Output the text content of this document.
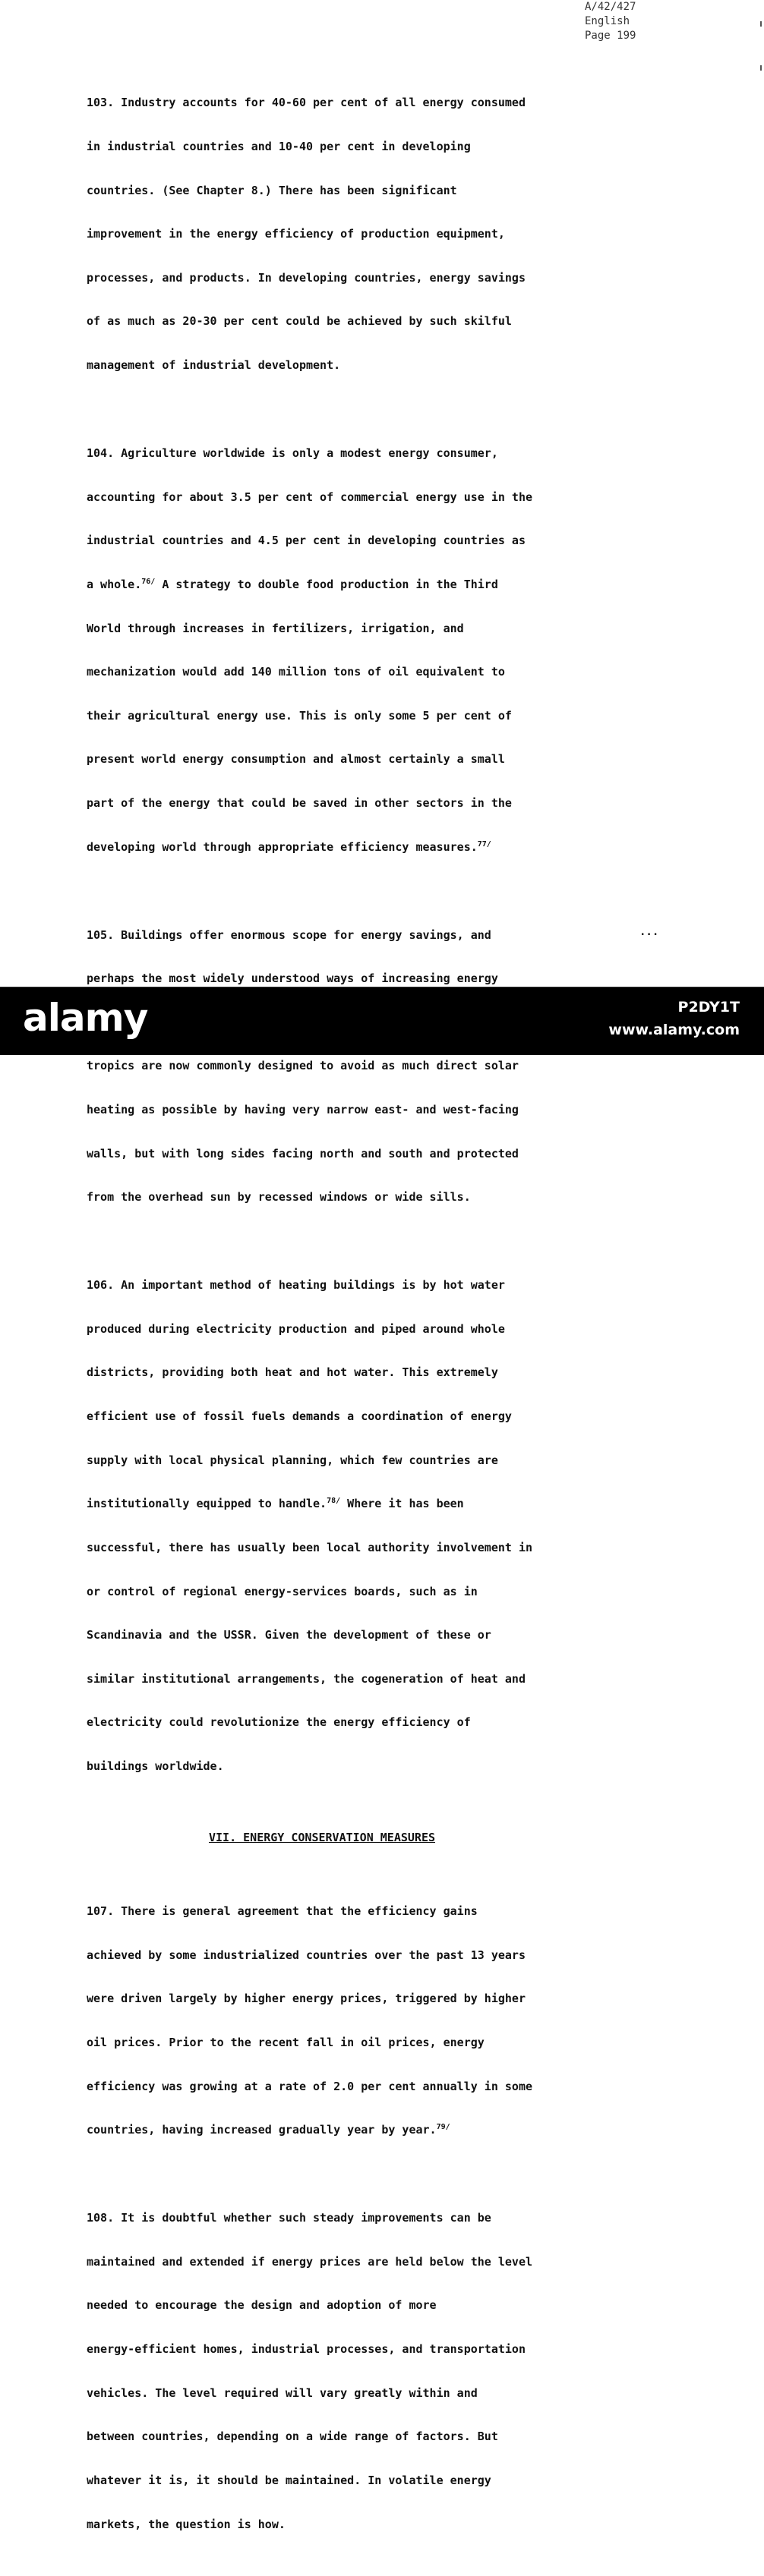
A/42/427
English
Page 199

103. Industry accounts for 40-60 per cent of all energy consumed

in industrial countries and 10-40 per cent in developing

countries. (See Chapter 8.) There has been significant

improvement in the energy efficiency of production equipment,

processes, and products. In developing countries, energy savings

of as much as 20-30 per cent could be achieved by such skilful

management of industrial development.

104. Agriculture worldwide is only a modest energy consumer,

accounting for about 3.5 per cent of commercial energy use in the

industrial countries and 4.5 per cent in developing countries as

a whole.$^{76/}$ A strategy to double food production in the Third

World through increases in fertilizers, irrigation, and

mechanization would add 140 million tons of oil equivalent to

their agricultural energy use. This is only some 5 per cent of

present world energy consumption and almost certainly a small

part of the energy that could be saved in other sectors in the

developing world through appropriate efficiency measures.$^{77/}$

105. Buildings offer enormous scope for energy savings, and

perhaps the most widely understood ways of increasing energy

tropics are now commonly designed to avoid as much direct solar

heating as possible by having very narrow east- and west-facing

walls, but with long sides facing north and south and protected

from the overhead sun by recessed windows or wide sills.

106. An important method of heating buildings is by hot water

produced during electricity production and piped around whole

districts, providing both heat and hot water. This extremely

efficient use of fossil fuels demands a coordination of energy

supply with local physical planning, which few countries are

institutionally equipped to handle.$^{78/}$ Where it has been

successful, there has usually been local authority involvement in

or control of regional energy-services boards, such as in

Scandinavia and the USSR. Given the development of these or

similar institutional arrangements, the cogeneration of heat and

electricity could revolutionize the energy efficiency of

buildings worldwide.

VII. ENERGY CONSERVATION MEASURES

107. There is general agreement that the efficiency gains

achieved by some industrialized countries over the past 13 years

were driven largely by higher energy prices, triggered by higher

oil prices. Prior to the recent fall in oil prices, energy

efficiency was growing at a rate of 2.0 per cent annually in some

countries, having increased gradually year by year.$^{79/}$

108. It is doubtful whether such steady improvements can be

maintained and extended if energy prices are held below the level

needed to encourage the design and adoption of more

energy-efficient homes, industrial processes, and transportation

vehicles. The level required will vary greatly within and

between countries, depending on a wide range of factors. But

whatever it is, it should be maintained. In volatile energy

markets, the question is how.

...
alamy	P2DY1T
www.alamy.com
